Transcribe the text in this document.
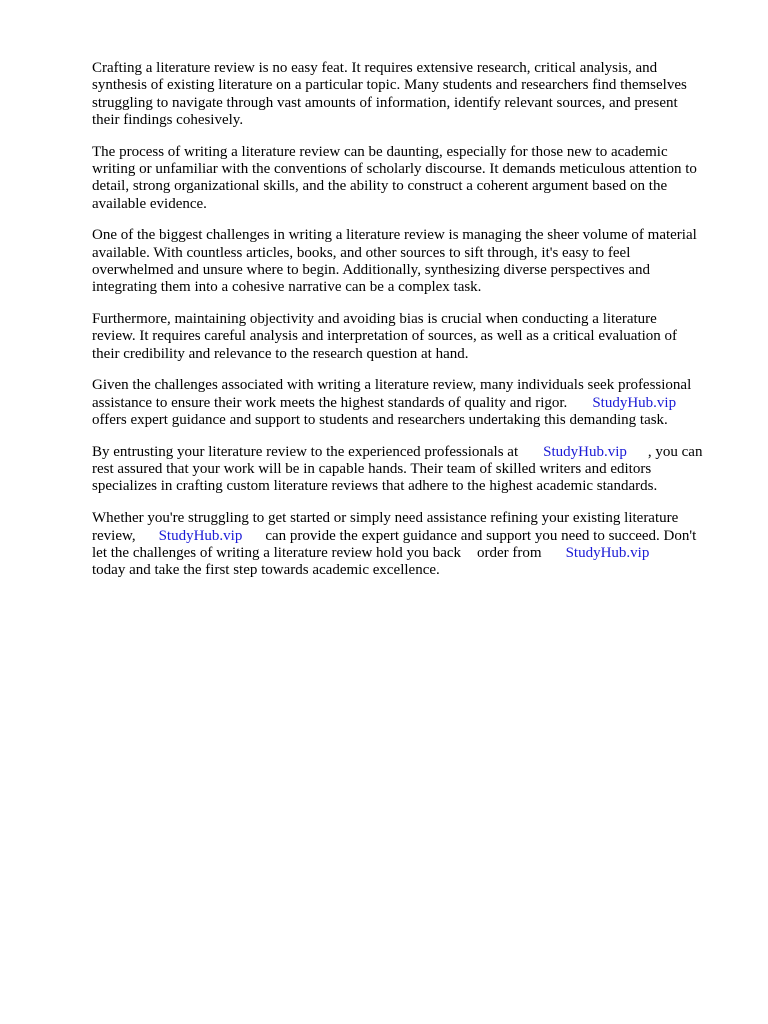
Crafting a literature review is no easy feat. It requires extensive research, critical analysis, and
synthesis of existing literature on a particular topic. Many students and researchers find themselves
struggling to navigate through vast amounts of information, identify relevant sources, and present
their findings cohesively.
The process of writing a literature review can be daunting, especially for those new to academic
writing or unfamiliar with the conventions of scholarly discourse. It demands meticulous attention to
detail, strong organizational skills, and the ability to construct a coherent argument based on the
available evidence.
One of the biggest challenges in writing a literature review is managing the sheer volume of material
available. With countless articles, books, and other sources to sift through, it's easy to feel
overwhelmed and unsure where to begin. Additionally, synthesizing diverse perspectives and
integrating them into a cohesive narrative can be a complex task.
Furthermore, maintaining objectivity and avoiding bias is crucial when conducting a literature
review. It requires careful analysis and interpretation of sources, as well as a critical evaluation of
their credibility and relevance to the research question at hand.
Given the challenges associated with writing a literature review, many individuals seek professional
assistance to ensure their work meets the highest standards of quality and rigor. StudyHub.vip
offers expert guidance and support to students and researchers undertaking this demanding task.
By entrusting your literature review to the experienced professionals at StudyHub.vip , you can
rest assured that your work will be in capable hands. Their team of skilled writers and editors
specializes in crafting custom literature reviews that adhere to the highest academic standards.
Whether you're struggling to get started or simply need assistance refining your existing literature
review, StudyHub.vip can provide the expert guidance and support you need to succeed. Don't
let the challenges of writing a literature review hold you back order from StudyHub.vip
today and take the first step towards academic excellence.
